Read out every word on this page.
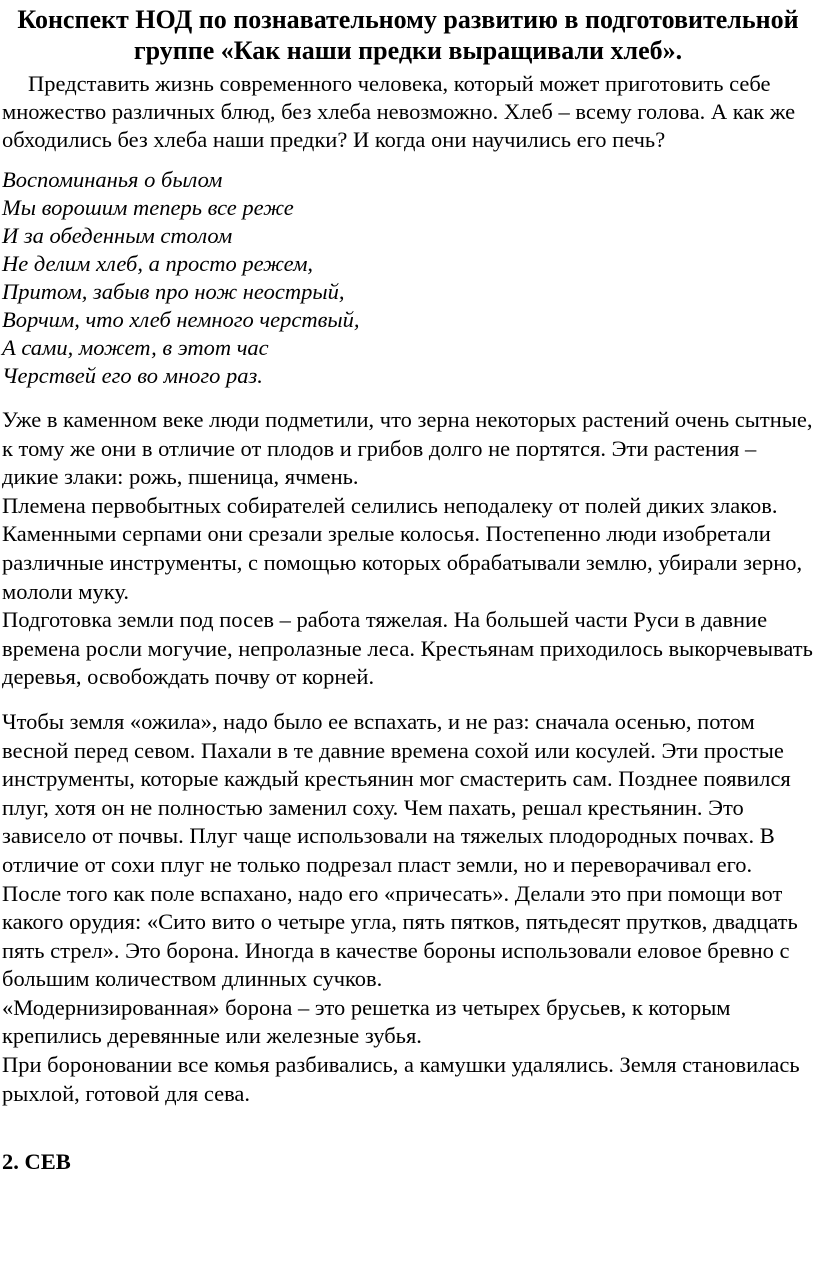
Конспект НОД по познавательному развитию в подготовительной группе «Как наши предки выращивали хлеб».

Представить жизнь современного человека, который может приготовить себе множество различных блюд, без хлеба невозможно. Хлеб – всему голова. А как же обходились без хлеба наши предки? И когда они научились его печь?

Воспоминанья о былом
Мы ворошим теперь все реже
И за обеденным столом
Не делим хлеб, а просто режем,
Притом, забыв про нож неострый,
Ворчим, что хлеб немного черствый,
А сами, может, в этот час
Черствей его во много раз.

Уже в каменном веке люди подметили, что зерна некоторых растений очень сытные, к тому же они в отличие от плодов и грибов долго не портятся. Эти растения – дикие злаки: рожь, пшеница, ячмень.

Племена первобытных собирателей селились неподалеку от полей диких злаков. Каменными серпами они срезали зрелые колосья. Постепенно люди изобретали различные инструменты, с помощью которых обрабатывали землю, убирали зерно, мололи муку.

Подготовка земли под посев – работа тяжелая. На большей части Руси в давние времена росли могучие, непролазные леса. Крестьянам приходилось выкорчевывать деревья, освобождать почву от корней.

Чтобы земля «ожила», надо было ее вспахать, и не раз: сначала осенью, потом весной перед севом. Пахали в те давние времена сохой или косулей. Эти простые инструменты, которые каждый крестьянин мог смастерить сам. Позднее появился плуг, хотя он не полностью заменил соху. Чем пахать, решал крестьянин. Это зависело от почвы. Плуг чаще использовали на тяжелых плодородных почвах. В отличие от сохи плуг не только подрезал пласт земли, но и переворачивал его.

После того как поле вспахано, надо его «причесать». Делали это при помощи вот какого орудия: «Сито вито о четыре угла, пять пятков, пятьдесят прутков, двадцать пять стрел». Это борона. Иногда в качестве бороны использовали еловое бревно с большим количеством длинных сучков.

«Модернизированная» борона – это решетка из четырех брусьев, к которым крепились деревянные или железные зубья.

При бороновании все комья разбивались, а камушки удалялись. Земля становилась рыхлой, готовой для сева.

2. СЕВ
